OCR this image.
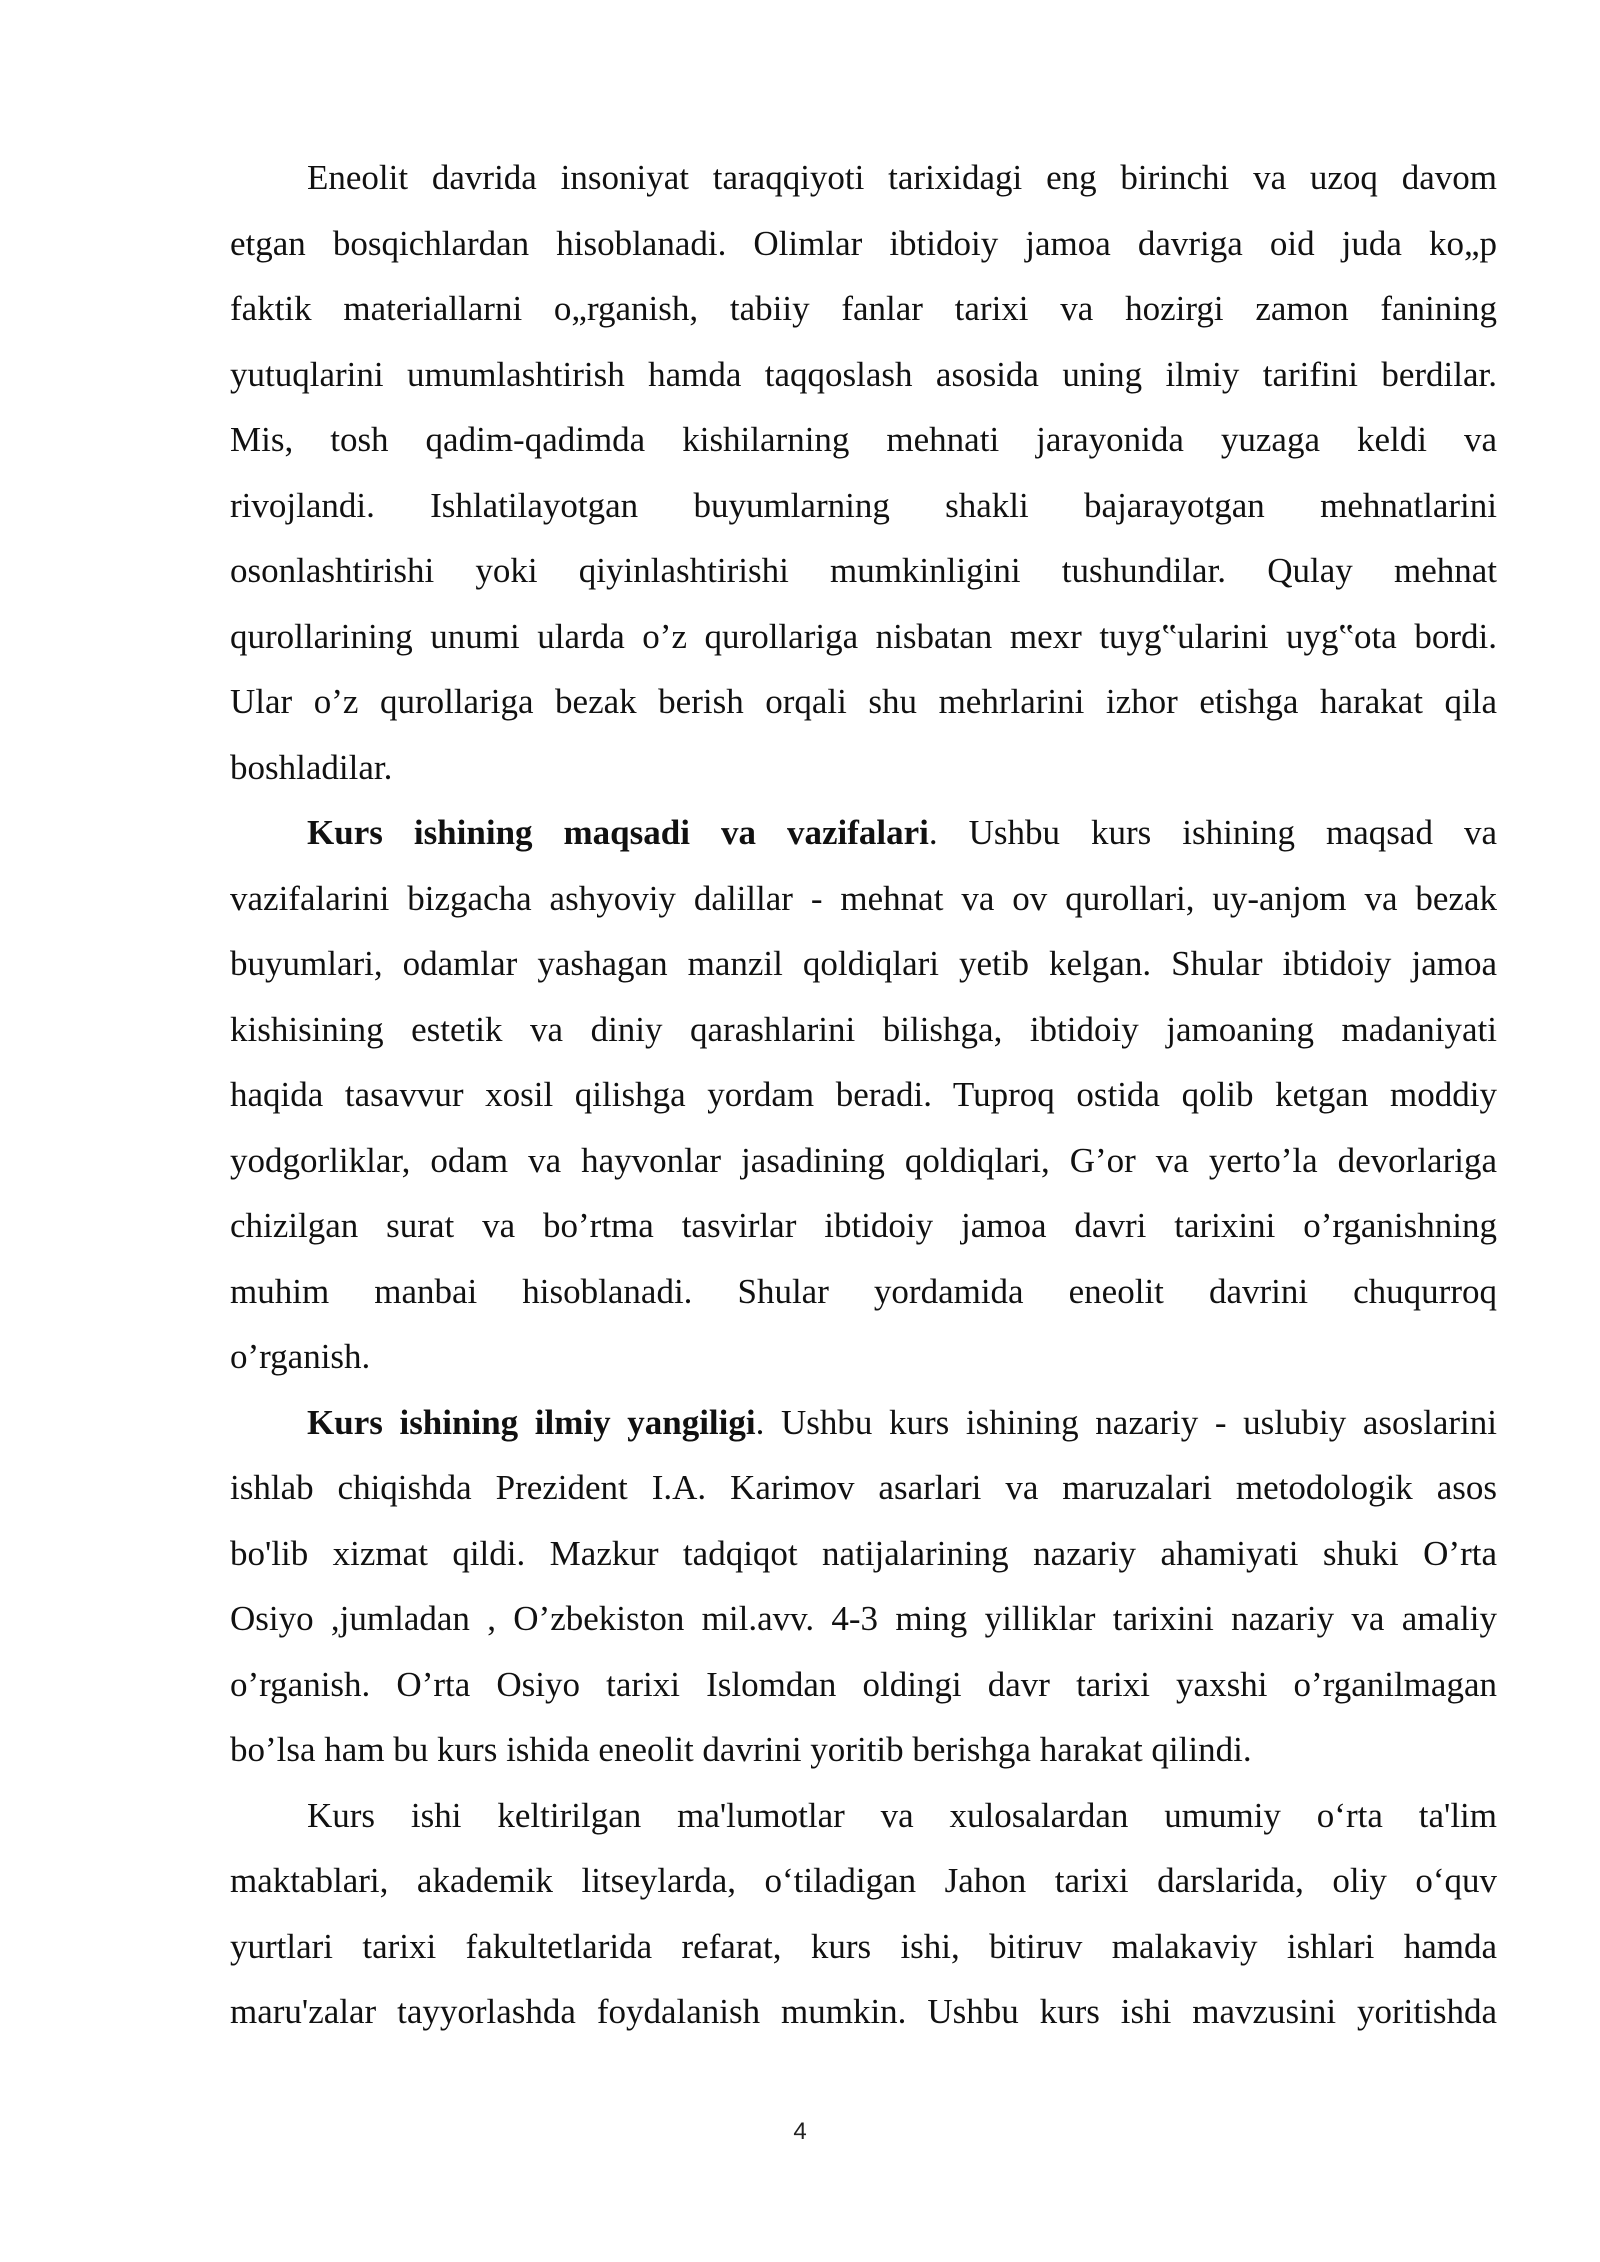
Eneolit davrida insoniyat taraqqiyoti tarixidagi eng birinchi va uzoq davom
etgan bosqichlardan hisoblanadi. Olimlar ibtidoiy jamoa davriga oid juda ko„p
faktik materiallarni o„rganish, tabiiy fanlar tarixi va hozirgi zamon fanining
yutuqlarini umumlashtirish hamda taqqoslash asosida uning ilmiy tarifini berdilar.
Mis, tosh qadim-qadimda kishilarning mehnati jarayonida yuzaga keldi va
rivojlandi. Ishlatilayotgan buyumlarning shakli bajarayotgan mehnatlarini
osonlashtirishi yoki qiyinlashtirishi mumkinligini tushundilar. Qulay mehnat
qurollarining unumi ularda o’z qurollariga nisbatan mexr tuyg‟ularini uyg‟ota bordi.
Ular o’z qurollariga bezak berish orqali shu mehrlarini izhor etishga harakat qila
boshladilar.
Kurs ishining maqsadi va vazifalari. Ushbu kurs ishining maqsad va
vazifalarini bizgacha ashyoviy dalillar - mehnat va ov qurollari, uy-anjom va bezak
buyumlari, odamlar yashagan manzil qoldiqlari yetib kelgan. Shular ibtidoiy jamoa
kishisining estetik va diniy qarashlarini bilishga, ibtidoiy jamoaning madaniyati
haqida tasavvur xosil qilishga yordam beradi. Tuproq ostida qolib ketgan moddiy
yodgorliklar, odam va hayvonlar jasadining qoldiqlari, G’or va yerto’la devorlariga
chizilgan surat va bo’rtma tasvirlar ibtidoiy jamoa davri tarixini o’rganishning
muhim manbai hisoblanadi. Shular yordamida eneolit davrini chuqurroq
o’rganish.
Kurs ishining ilmiy yangiligi. Ushbu kurs ishining nazariy - uslubiy asoslarini
ishlab chiqishda Prezident I.A. Karimov asarlari va maruzalari metodologik asos
bo'lib xizmat qildi. Mazkur tadqiqot natijalarining nazariy ahamiyati shuki O’rta
Osiyo ,jumladan , O’zbekiston mil.avv. 4-3 ming yilliklar tarixini nazariy va amaliy
o’rganish. O’rta Osiyo tarixi Islomdan oldingi davr tarixi yaxshi o’rganilmagan
bo’lsa ham bu kurs ishida eneolit davrini yoritib berishga harakat qilindi.
Kurs ishi keltirilgan ma'lumotlar va xulosalardan umumiy o‘rta ta'lim
maktablari, akademik litseylarda, o‘tiladigan Jahon tarixi darslarida, oliy o‘quv
yurtlari tarixi fakultetlarida refarat, kurs ishi, bitiruv malakaviy ishlari hamda
maru'zalar tayyorlashda foydalanish mumkin. Ushbu kurs ishi mavzusini yoritishda
4
